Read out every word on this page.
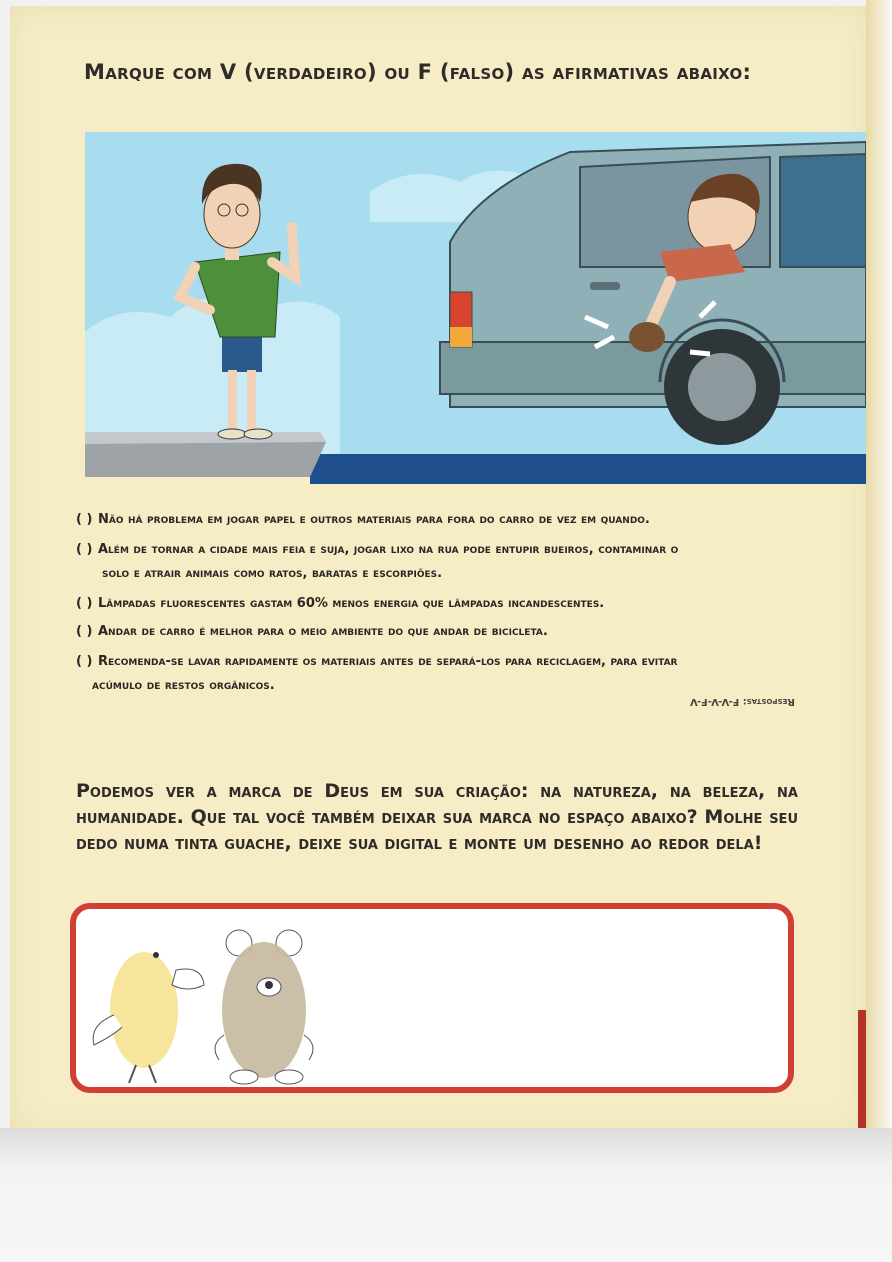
Marque com V (verdadeiro) ou F (falso) as afirmativas abaixo:
( ) Não há problema em jogar papel e outros materiais para fora do carro de vez em quando.
( ) Além de tornar a cidade mais feia e suja, jogar lixo na rua pode entupir bueiros, contaminar o
solo e atrair animais como ratos, baratas e escorpiões.
( ) Lâmpadas fluorescentes gastam 60% menos energia que lâmpadas incandescentes.
( ) Andar de carro é melhor para o meio ambiente do que andar de bicicleta.
( ) Recomenda-se lavar rapidamente os materiais antes de separá-los para reciclagem, para evitar
acúmulo de restos orgânicos.
Respostas: F-V-V-F-V
Podemos ver a marca de Deus em sua criação: na natureza, na beleza, na humanidade. Que tal você também deixar sua marca no espaço abaixo? Molhe seu dedo numa tinta guache, deixe sua digital e monte um desenho ao redor dela!
